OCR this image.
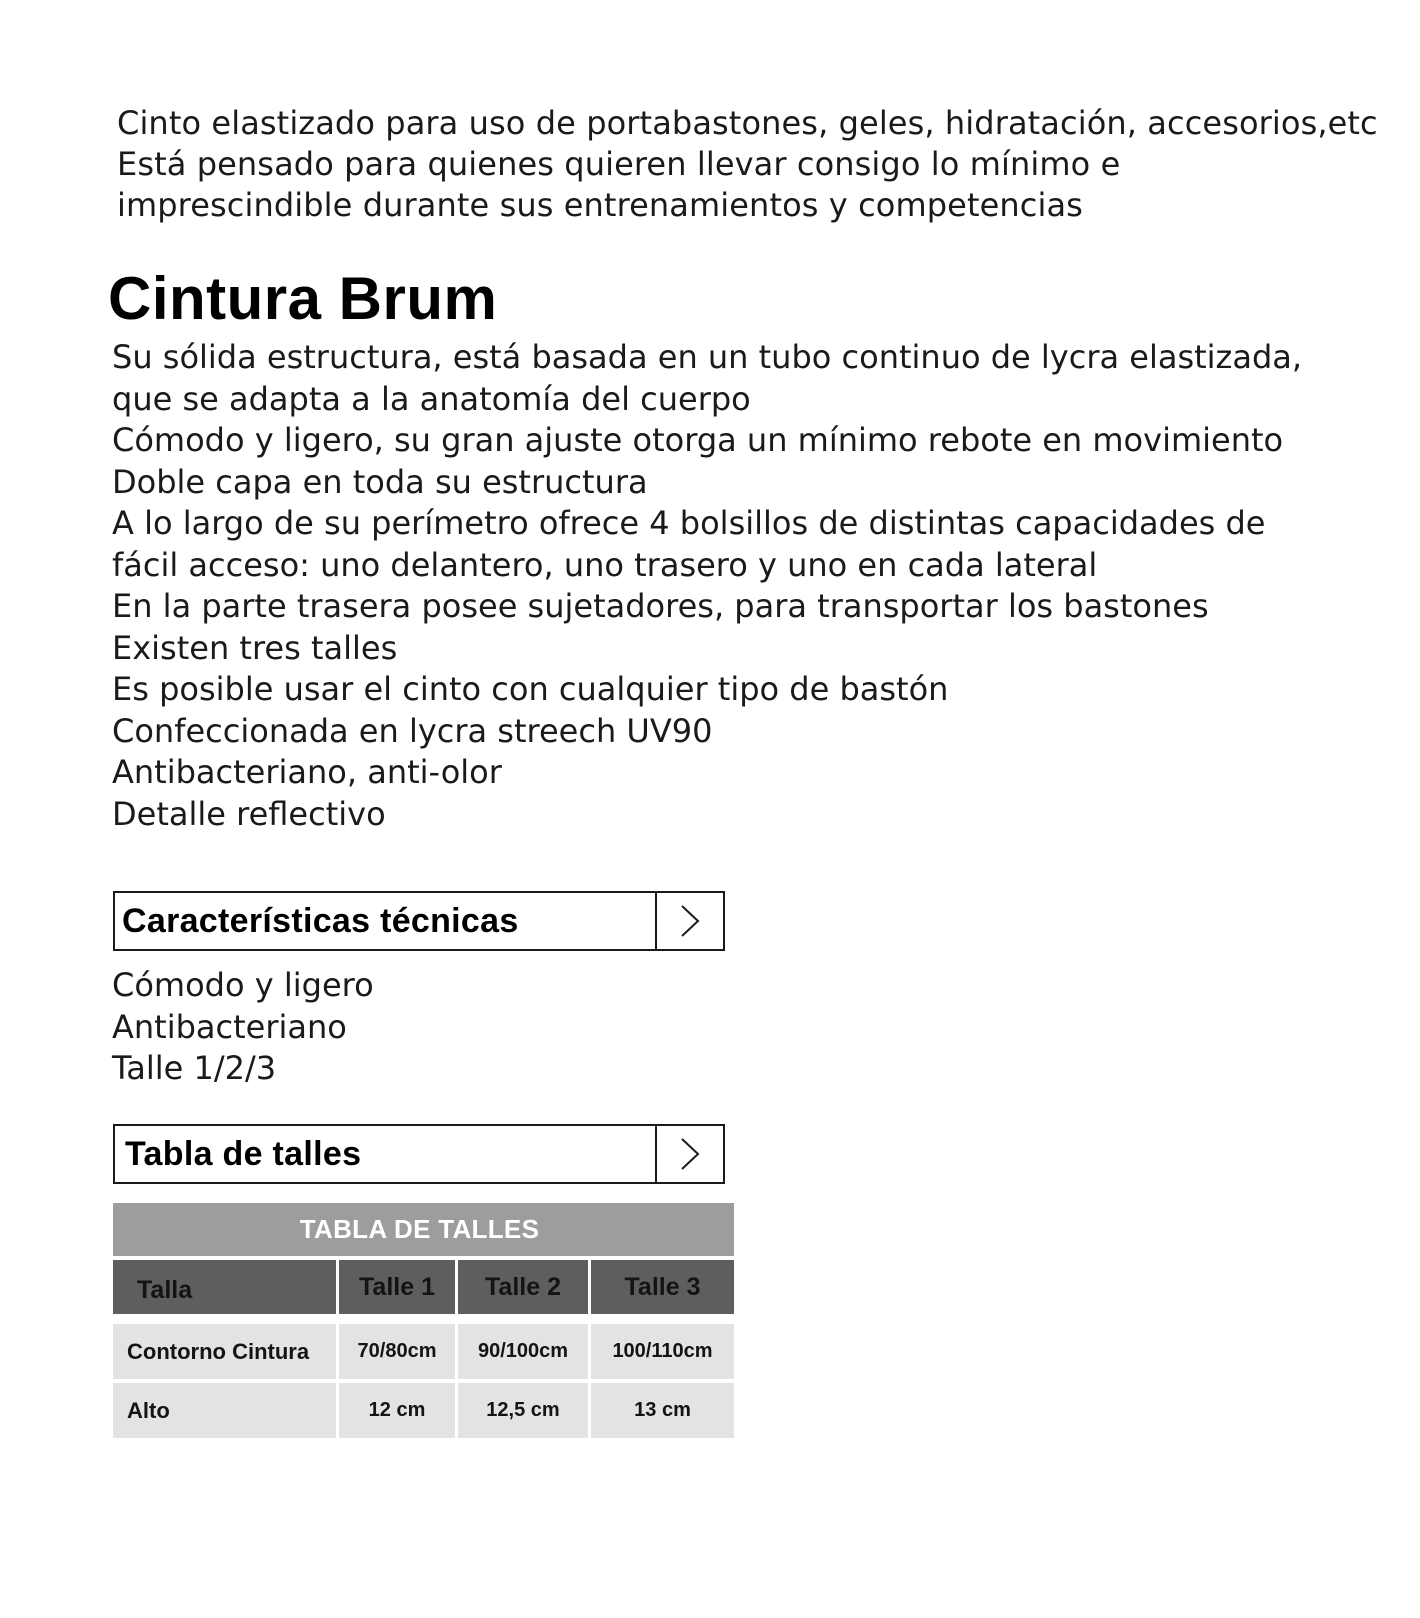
Cinto elastizado para uso de portabastones, geles, hidratación, accesorios,etc
Está pensado para quienes quieren llevar consigo lo mínimo e
imprescindible durante sus entrenamientos y competencias
Cintura Brum
Su sólida estructura, está basada en un tubo continuo de lycra elastizada,
que se adapta a la anatomía del cuerpo
Cómodo y ligero, su gran ajuste otorga un mínimo rebote en movimiento
Doble capa en toda su estructura
A lo largo de su perímetro ofrece 4 bolsillos de distintas capacidades de
fácil acceso: uno delantero, uno trasero y uno en cada lateral
En la parte trasera posee sujetadores, para transportar los bastones
Existen tres talles
Es posible usar el cinto con cualquier tipo de bastón
Confeccionada en lycra streech UV90
Antibacteriano, anti-olor
Detalle reflectivo
Características técnicas
Cómodo y ligero
Antibacteriano
Talle 1/2/3
Tabla de talles
TABLA DE TALLES
Talla	Talle 1	Talle 2	Talle 3
Contorno Cintura	70/80cm	90/100cm	100/110cm
Alto	12 cm	12,5 cm	13 cm
